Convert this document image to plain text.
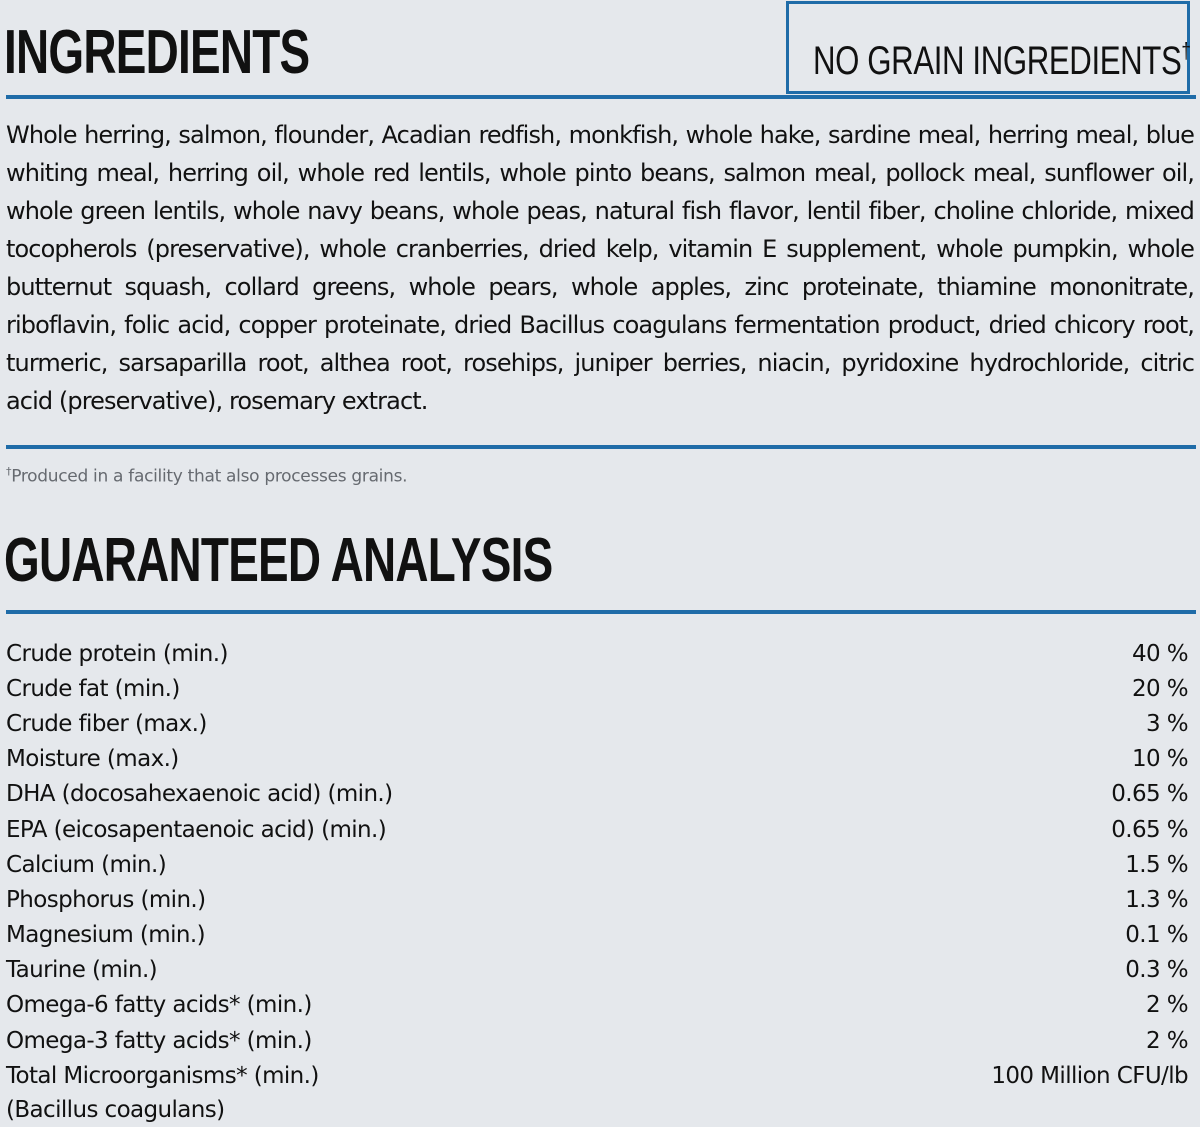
INGREDIENTS	NO GRAIN INGREDIENTS†

Whole herring, salmon, flounder, Acadian redfish, monkfish, whole hake, sardine meal, herring meal, blue whiting meal, herring oil, whole red lentils, whole pinto beans, salmon meal, pollock meal, sunflower oil, whole green lentils, whole navy beans, whole peas, natural fish flavor, lentil fiber, choline chloride, mixed tocopherols (preservative), whole cranberries, dried kelp, vitamin E supplement, whole pumpkin, whole butternut squash, collard greens, whole pears, whole apples, zinc proteinate, thiamine mononitrate, riboflavin, folic acid, copper proteinate, dried Bacillus coagulans fermentation product, dried chicory root, turmeric, sarsaparilla root, althea root, rosehips, juniper berries, niacin, pyridoxine hydrochloride, citric acid (preservative), rosemary extract.

†Produced in a facility that also processes grains.

GUARANTEED ANALYSIS
Crude protein (min.)	40 %
Crude fat (min.)	20 %
Crude fiber (max.)	3 %
Moisture (max.)	10 %
DHA (docosahexaenoic acid) (min.)	0.65 %
EPA (eicosapentaenoic acid) (min.)	0.65 %
Calcium (min.)	1.5 %
Phosphorus (min.)	1.3 %
Magnesium (min.)	0.1 %
Taurine (min.)	0.3 %
Omega-6 fatty acids* (min.)	2 %
Omega-3 fatty acids* (min.)	2 %
Total Microorganisms* (min.)	100 Million CFU/lb
(Bacillus coagulans)
